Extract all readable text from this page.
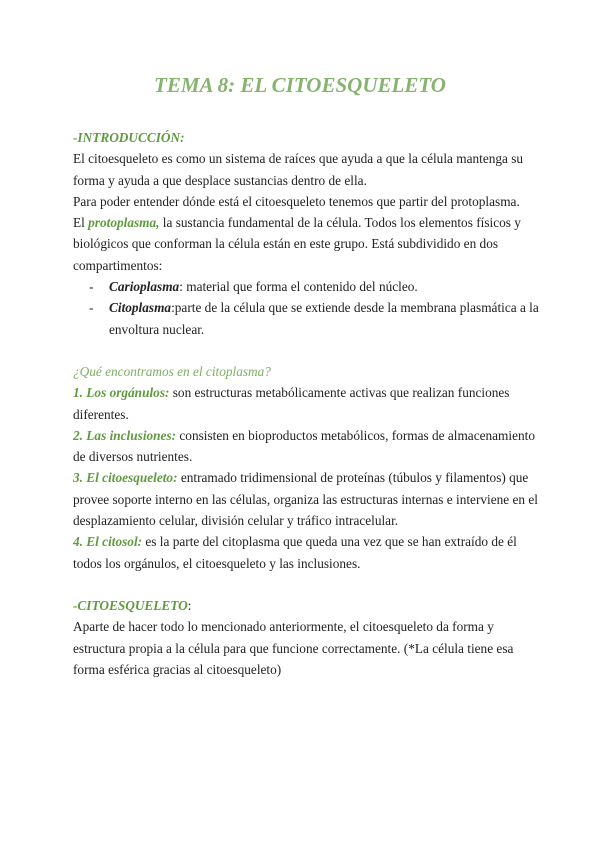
TEMA 8: EL CITOESQUELETO

-INTRODUCCIÓN:

El citoesqueleto es como un sistema de raíces que ayuda a que la célula mantenga su forma y ayuda a que desplace sustancias dentro de ella.

Para poder entender dónde está el citoesqueleto tenemos que partir del protoplasma.

El protoplasma, la sustancia fundamental de la célula. Todos los elementos físicos y biológicos que conforman la célula están en este grupo. Está subdividido en dos compartimentos:

- Carioplasma: material que forma el contenido del núcleo.
- Citoplasma:parte de la célula que se extiende desde la membrana plasmática a la envoltura nuclear.

¿Qué encontramos en el citoplasma?

1. Los orgánulos: son estructuras metabólicamente activas que realizan funciones diferentes.

2. Las inclusiones: consisten en bioproductos metabólicos, formas de almacenamiento de diversos nutrientes.

3. El citoesqueleto: entramado tridimensional de proteínas (túbulos y filamentos) que provee soporte interno en las células, organiza las estructuras internas e interviene en el desplazamiento celular, división celular y tráfico intracelular.

4. El citosol: es la parte del citoplasma que queda una vez que se han extraído de él todos los orgánulos, el citoesqueleto y las inclusiones.

-CITOESQUELETO:

Aparte de hacer todo lo mencionado anteriormente, el citoesqueleto da forma y estructura propia a la célula para que funcione correctamente. (*La célula tiene esa forma esférica gracias al citoesqueleto)
